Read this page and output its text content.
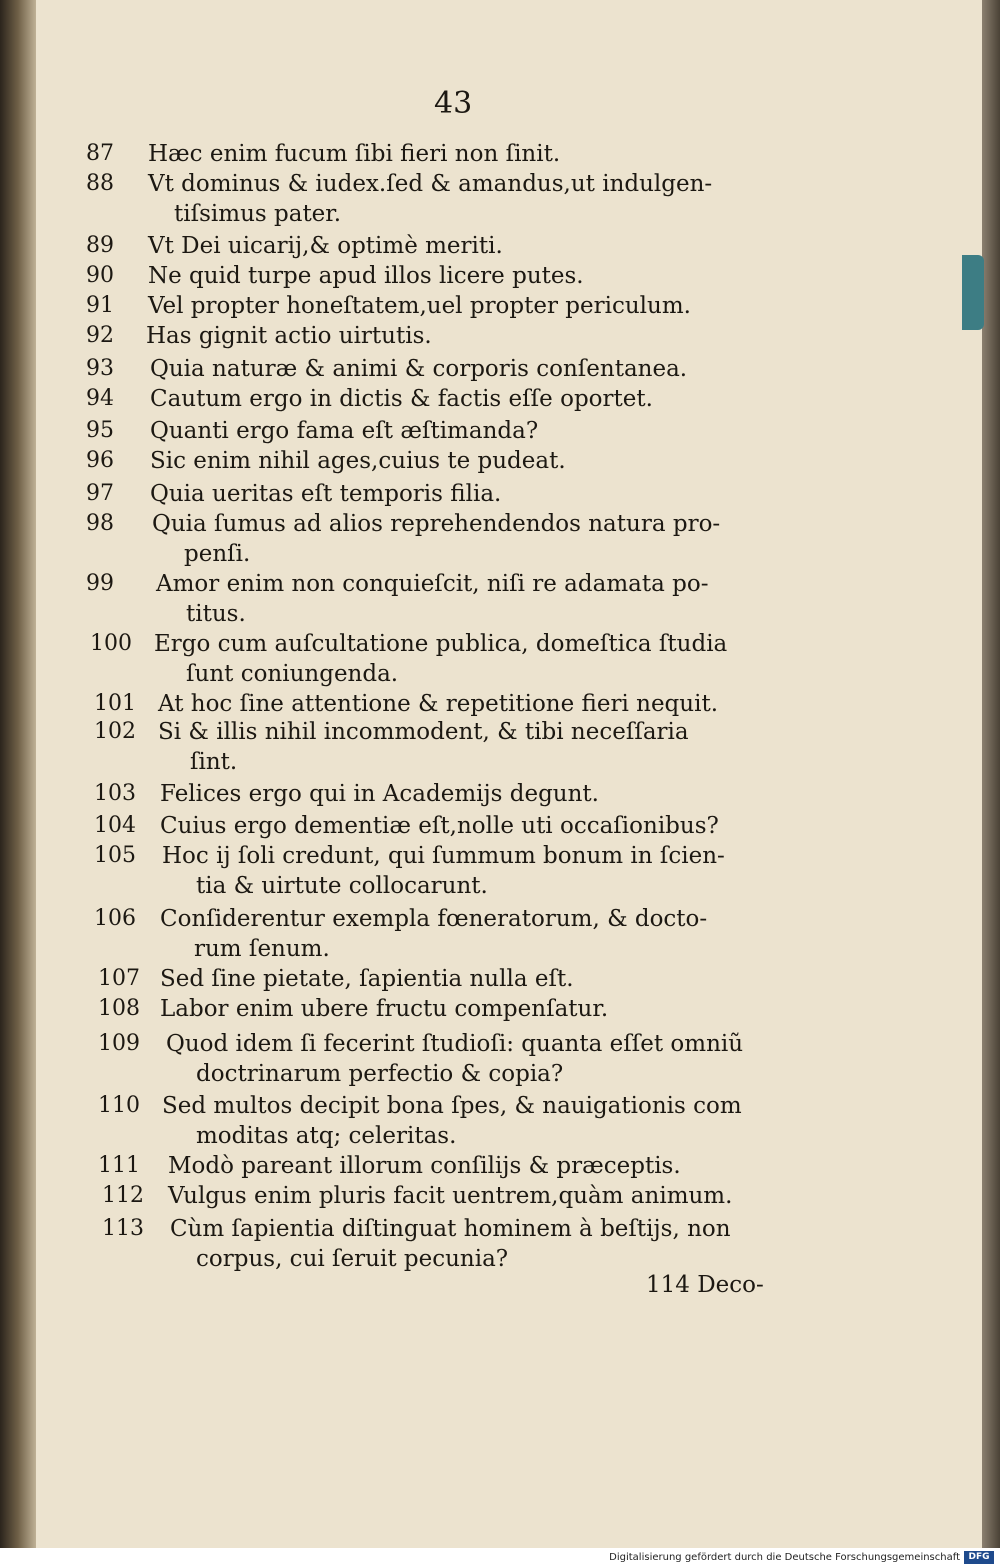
43
87	Hæc enim fucum ſibi fieri non ſinit.
88	Vt dominus & iudex.ſed & amandus,ut indulgen-
tiſsimus pater.
89	Vt Dei uicarij,& optimè meriti.
90	Ne quid turpe apud illos licere putes.
91	Vel propter honeſtatem,uel propter periculum.
92	Has gignit actio uirtutis.
93	Quia naturæ & animi & corporis conſentanea.
94	Cautum ergo in dictis & factis eſſe oportet.
95	Quanti ergo fama eſt æſtimanda?
96	Sic enim nihil ages,cuius te pudeat.
97	Quia ueritas eſt temporis filia.
98	Quia ſumus ad alios reprehendendos natura pro-
penſi.
99	Amor enim non conquieſcit, niſi re adamata po-
titus.
100 Ergo cum auſcultatione publica, domeſtica ſtudia
ſunt coniungenda.
101 At hoc ſine attentione & repetitione fieri nequit.
102 Si & illis nihil incommodent, & tibi neceſſaria
ſint.
103	Felices ergo qui in Academijs degunt.
104	Cuius ergo dementiæ eſt,nolle uti occaſionibus?
105	Hoc ij ſoli credunt, qui ſummum bonum in ſcien-
tia & uirtute collocarunt.
106	Conſiderentur exempla fœneratorum, & docto-
rum ſenum.
107 Sed ſine pietate, ſapientia nulla eſt.
108 Labor enim ubere fructu compenſatur.
109	Quod idem ſi fecerint ſtudioſi: quanta eſſet omniũ
doctrinarum perfectio & copia?
110 Sed multos decipit bona ſpes, & nauigationis com
moditas atq; celeritas.
111	Modò pareant illorum conſilijs & præceptis.
112	Vulgus enim pluris facit uentrem,quàm animum.
113	Cùm ſapientia diſtinguat hominem à beſtijs, non
corpus, cui ſeruit pecunia?
114 Deco-
Digitalisierung gefördert durch die Deutsche Forschungsgemeinschaft DFG
